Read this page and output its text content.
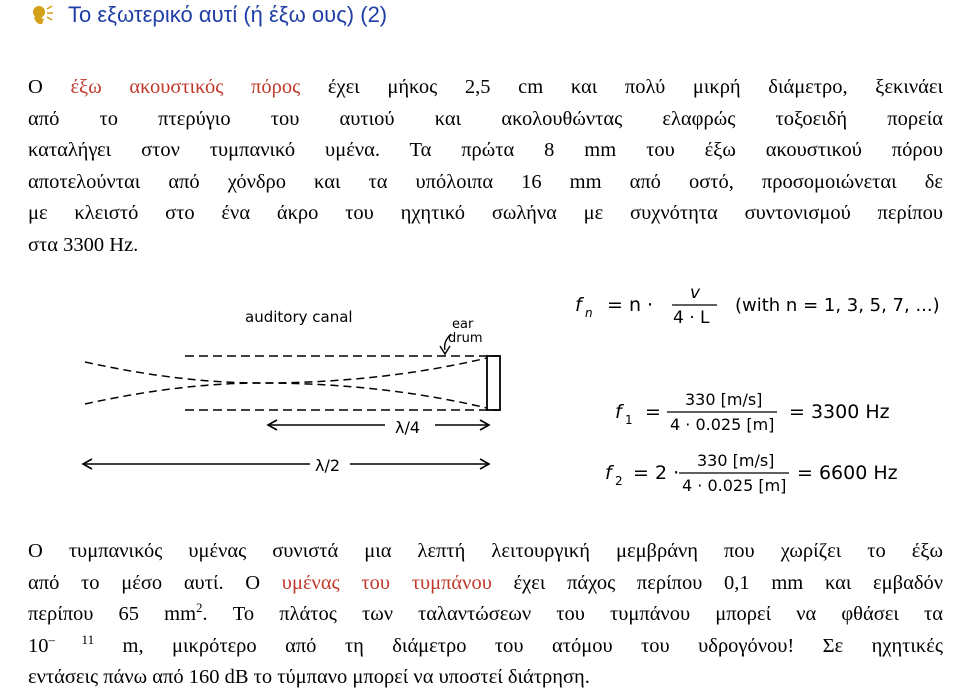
Το εξωτερικό αυτί (ή έξω ους) (2)
Ο έξω ακουστικός πόρος έχει μήκος 2,5 cm και πολύ μικρή διάμετρο, ξεκινάει
από το πτερύγιο του αυτιού και ακολουθώντας ελαφρώς τοξοειδή πορεία
καταλήγει στον τυμπανικό υμένα. Τα πρώτα 8 mm του έξω ακουστικού πόρου
αποτελούνται από χόνδρο και τα υπόλοιπα 16 mm από οστό, προσομοιώνεται δε
με κλειστό στο ένα άκρο του ηχητικό σωλήνα με συχνότητα συντονισμού περίπου
στα 3300 Hz.
auditory canal	ear
drum
λ/4
λ/2
f n = n ·
v
4 · L
(with n = 1, 3, 5, 7, ...)
f 1 =
330 [m/s]
4 · 0.025 [m]
= 3300 Hz
f 2 = 2 ·
330 [m/s]
4 · 0.025 [m]
= 6600 Hz
Ο τυμπανικός υμένας συνιστά μια λεπτή λειτουργική μεμβράνη που χωρίζει το έξω
από το μέσο αυτί. Ο υμένας του τυμπάνου έχει πάχος περίπου 0,1 mm και εμβαδόν
περίπου 65 $mm^2$. Το πλάτος των ταλαντώσεων του τυμπάνου μπορεί να φθάσει τα
$10^{- 11}$ m, μικρότερο από τη διάμετρο του ατόμου του υδρογόνου! Σε ηχητικές
εντάσεις πάνω από 160 dB το τύμπανο μπορεί να υποστεί διάτρηση.
